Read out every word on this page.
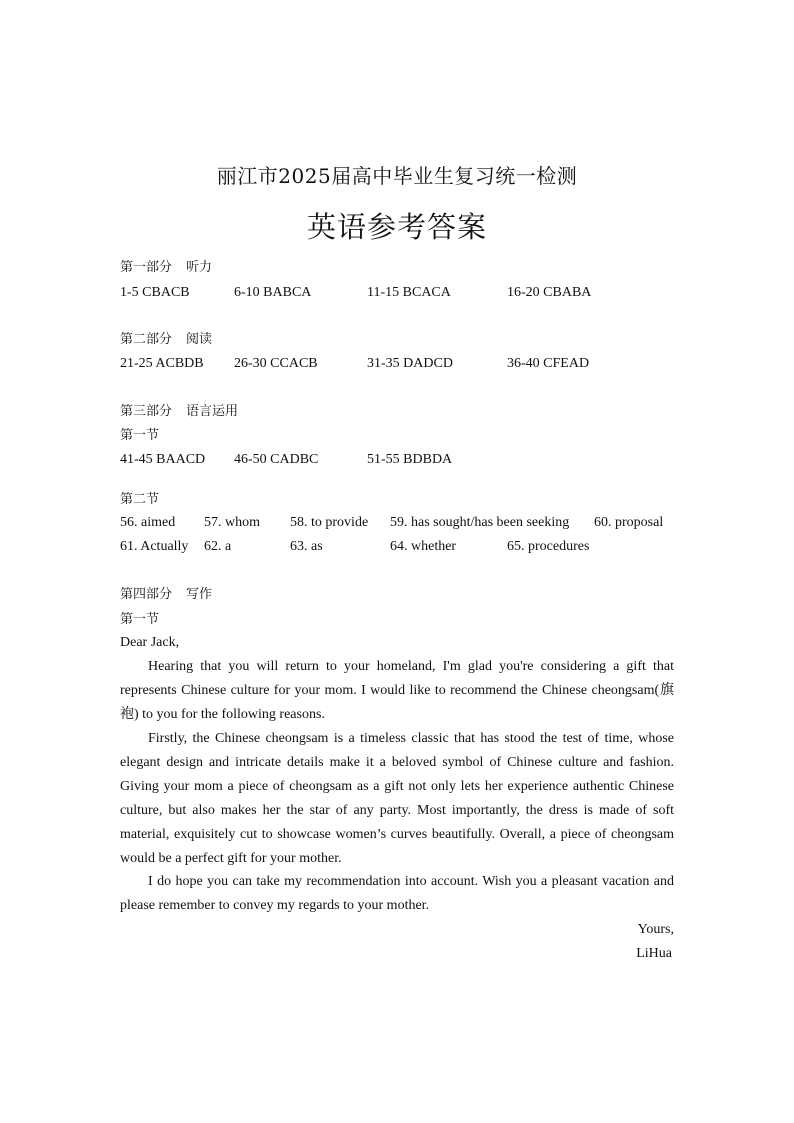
丽江市2025届高中毕业生复习统一检测
英语参考答案
第一部分 听力
1-5 CBACB	6-10 BABCA	11-15 BCACA	16-20 CBABA
第二部分 阅读
21-25 ACBDB 26-30 CCACB	31-35 DADCD	36-40 CFEAD
第三部分 语言运用
第一节
41-45 BAACD 46-50 CADBC	51-55 BDBDA
第二节
56. aimed 57. whom 58. to provide 59. has sought/has been seeking 60. proposal
61. Actually 62. a	63. as	64. whether	65. procedures
第四部分 写作
第一节
Dear Jack,
Hearing that you will return to your homeland, I'm glad you're considering a gift that represents Chinese culture for your mom. I would like to recommend the Chinese cheongsam(旗袍) to you for the following reasons.
Firstly, the Chinese cheongsam is a timeless classic that has stood the test of time, whose elegant design and intricate details make it a beloved symbol of Chinese culture and fashion. Giving your mom a piece of cheongsam as a gift not only lets her experience authentic Chinese culture, but also makes her the star of any party. Most importantly, the dress is made of soft material, exquisitely cut to showcase women’s curves beautifully. Overall, a piece of cheongsam would be a perfect gift for your mother.
I do hope you can take my recommendation into account. Wish you a pleasant vacation and please remember to convey my regards to your mother.
Yours,
LiHua
